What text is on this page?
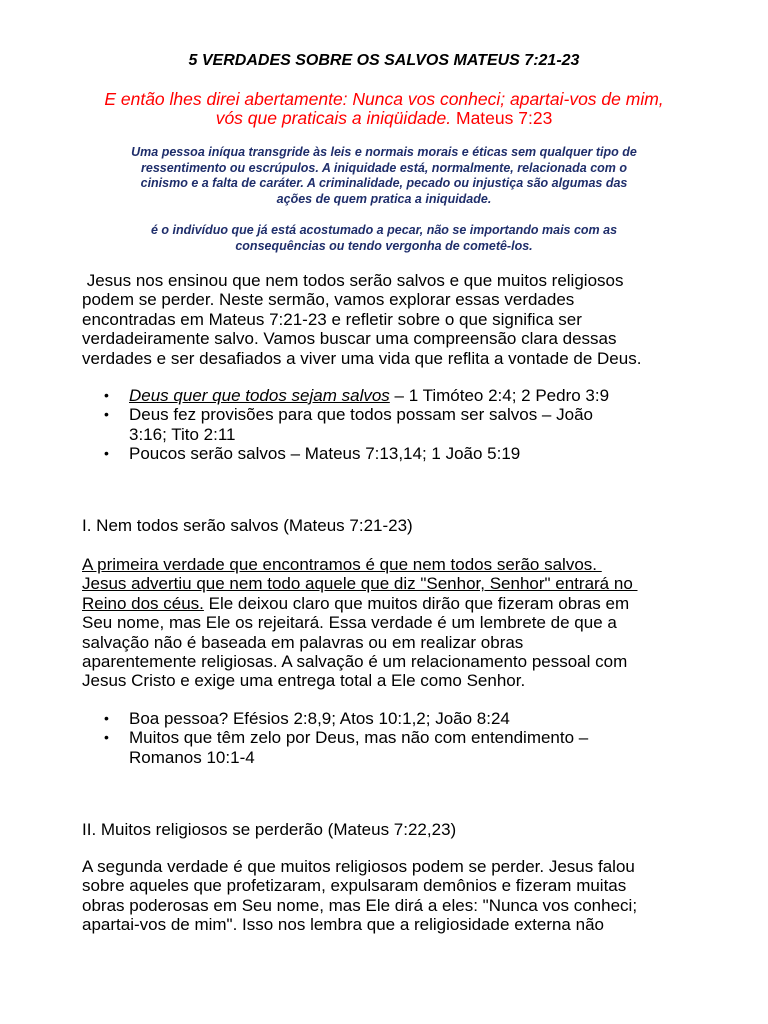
5 VERDADES SOBRE OS SALVOS MATEUS 7:21-23
E então lhes direi abertamente: Nunca vos conheci; apartai-vos de mim,
vós que praticais a iniqüidade. Mateus 7:23
Uma pessoa iníqua transgride às leis e normais morais e éticas sem qualquer tipo de
ressentimento ou escrúpulos. A iniquidade está, normalmente, relacionada com o
cinismo e a falta de caráter. A criminalidade, pecado ou injustiça são algumas das
ações de quem pratica a iniquidade.
é o indivíduo que já está acostumado a pecar, não se importando mais com as
consequências ou tendo vergonha de cometê-los.
Jesus nos ensinou que nem todos serão salvos e que muitos religiosos
podem se perder. Neste sermão, vamos explorar essas verdades
encontradas em Mateus 7:21-23 e refletir sobre o que significa ser
verdadeiramente salvo. Vamos buscar uma compreensão clara dessas
verdades e ser desafiados a viver uma vida que reflita a vontade de Deus.
• Deus quer que todos sejam salvos – 1 Timóteo 2:4; 2 Pedro 3:9
• Deus fez provisões para que todos possam ser salvos – João
3:16; Tito 2:11
• Poucos serão salvos – Mateus 7:13,14; 1 João 5:19
I. Nem todos serão salvos (Mateus 7:21-23)
A primeira verdade que encontramos é que nem todos serão salvos.
Jesus advertiu que nem todo aquele que diz "Senhor, Senhor" entrará no
Reino dos céus. Ele deixou claro que muitos dirão que fizeram obras em
Seu nome, mas Ele os rejeitará. Essa verdade é um lembrete de que a
salvação não é baseada em palavras ou em realizar obras
aparentemente religiosas. A salvação é um relacionamento pessoal com
Jesus Cristo e exige uma entrega total a Ele como Senhor.
• Boa pessoa? Efésios 2:8,9; Atos 10:1,2; João 8:24
• Muitos que têm zelo por Deus, mas não com entendimento –
Romanos 10:1-4
II. Muitos religiosos se perderão (Mateus 7:22,23)
A segunda verdade é que muitos religiosos podem se perder. Jesus falou
sobre aqueles que profetizaram, expulsaram demônios e fizeram muitas
obras poderosas em Seu nome, mas Ele dirá a eles: "Nunca vos conheci;
apartai-vos de mim". Isso nos lembra que a religiosidade externa não
